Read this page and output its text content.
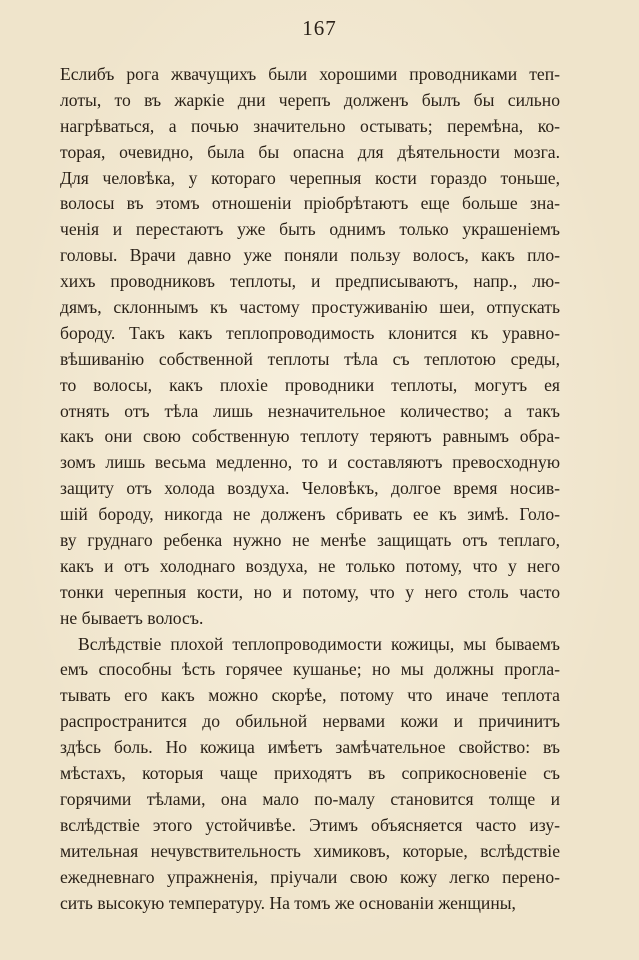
167
Еслибъ рога жвачущихъ были хорошими проводниками теп-
лоты, то въ жаркіе дни черепъ долженъ былъ бы сильно
нагрѣваться, а почью значительно остывать; перемѣна, ко-
торая, очевидно, была бы опасна для дѣятельности мозга.
Для человѣка, у котораго черепныя кости гораздо тоньше,
волосы въ этомъ отношеніи пріобрѣтаютъ еще больше зна-
ченія и перестаютъ уже быть однимъ только украшеніемъ
головы. Врачи давно уже поняли пользу волосъ, какъ пло-
хихъ проводниковъ теплоты, и предписываютъ, напр., лю-
дямъ, склоннымъ къ частому простуживанію шеи, отпускать
бороду. Такъ какъ теплопроводимость клонится къ уравно-
вѣшиванію собственной теплоты тѣла съ теплотою среды,
то волосы, какъ плохіе проводники теплоты, могутъ ея
отнять отъ тѣла лишь незначительное количество; а такъ
какъ они свою собственную теплоту теряютъ равнымъ обра-
зомъ лишь весьма медленно, то и составляютъ превосходную
защиту отъ холода воздуха. Человѣкъ, долгое время носив-
шій бороду, никогда не долженъ сбривать ее къ зимѣ. Голо-
ву груднаго ребенка нужно не менѣе защищать отъ теплаго,
какъ и отъ холоднаго воздуха, не только потому, что у него
тонки черепныя кости, но и потому, что у него столь часто
не бываетъ волосъ.
Вслѣдствіе плохой теплопроводимости кожицы, мы бываемъ
емъ способны ѣсть горячее кушанье; но мы должны прогла-
тывать его какъ можно скорѣе, потому что иначе теплота
распространится до обильной нервами кожи и причинитъ
здѣсь боль. Но кожица имѣетъ замѣчательное свойство: въ
мѣстахъ, которыя чаще приходятъ въ соприкосновеніе съ
горячими тѣлами, она мало по-малу становится толще и
вслѣдствіе этого устойчивѣе. Этимъ объясняется часто изу-
мительная нечувствительность химиковъ, которые, вслѣдствіе
ежедневнаго упражненія, пріучали свою кожу легко перено-
сить высокую температуру. На томъ же основаніи женщины,
